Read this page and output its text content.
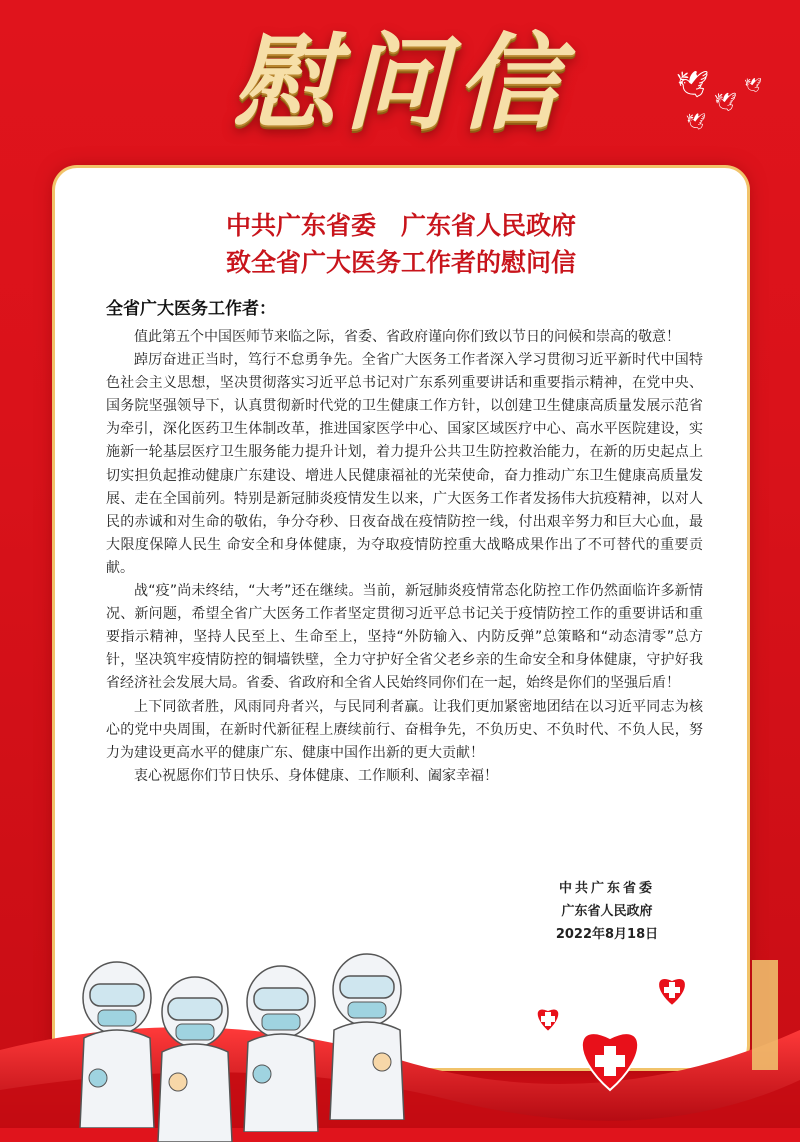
慰问信	🕊
🕊
🕊
🕊
中共广东省委　广东省人民政府
致全省广大医务工作者的慰问信
全省广大医务工作者：

值此第五个中国医师节来临之际，省委、省政府谨向你们致以节日的问候和崇高的敬意！

踔厉奋进正当时，笃行不怠勇争先。全省广大医务工作者深入学习贯彻习近平新时代中国特色社会主义思想，坚决贯彻落实习近平总书记对广东系列重要讲话和重要指示精神，在党中央、国务院坚强领导下，认真贯彻新时代党的卫生健康工作方针，以创建卫生健康高质量发展示范省为牵引，深化医药卫生体制改革，推进国家医学中心、国家区域医疗中心、高水平医院建设，实施新一轮基层医疗卫生服务能力提升计划，着力提升公共卫生防控救治能力，在新的历史起点上切实担负起推动健康广东建设、增进人民健康福祉的光荣使命，奋力推动广东卫生健康高质量发展、走在全国前列。特别是新冠肺炎疫情发生以来，广大医务工作者发扬伟大抗疫精神，以对人民的赤诚和对生命的敬佑，争分夺秒、日夜奋战在疫情防控一线，付出艰辛努力和巨大心血，最大限度保障人民生 命安全和身体健康，为夺取疫情防控重大战略成果作出了不可替代的重要贡献。

战“疫”尚未终结，“大考”还在继续。当前，新冠肺炎疫情常态化防控工作仍然面临许多新情况、新问题，希望全省广大医务工作者坚定贯彻习近平总书记关于疫情防控工作的重要讲话和重要指示精神，坚持人民至上、生命至上，坚持“外防输入、内防反弹”总策略和“动态清零”总方针，坚决筑牢疫情防控的铜墙铁壁，全力守护好全省父老乡亲的生命安全和身体健康，守护好我省经济社会发展大局。省委、省政府和全省人民始终同你们在一起，始终是你们的坚强后盾！

上下同欲者胜，风雨同舟者兴，与民同利者赢。让我们更加紧密地团结在以习近平同志为核心的党中央周围，在新时代新征程上赓续前行、奋楫争先，不负历史、不负时代、不负人民，努力为建设更高水平的健康广东、健康中国作出新的更大贡献！

衷心祝愿你们节日快乐、身体健康、工作顺利、阖家幸福！

中共广东省委
广东省人民政府
2022年8月18日
